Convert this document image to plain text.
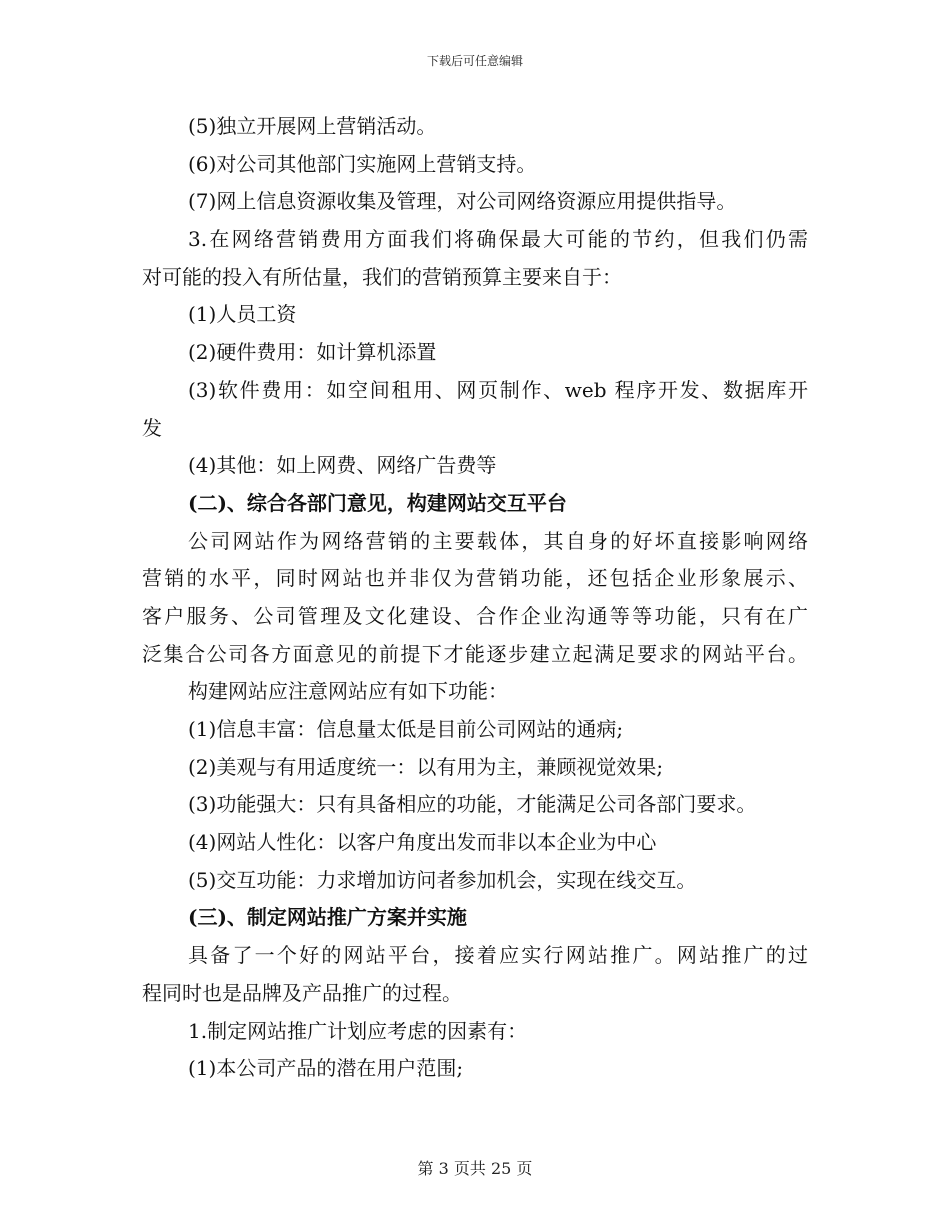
下载后可任意编辑
(5)独立开展网上营销活动。
(6)对公司其他部门实施网上营销支持。
(7)网上信息资源收集及管理，对公司网络资源应用提供指导。
3.在网络营销费用方面我们将确保最大可能的节约，但我们仍需
对可能的投入有所估量，我们的营销预算主要来自于：
(1)人员工资
(2)硬件费用：如计算机添置
(3)软件费用：如空间租用、网页制作、web 程序开发、数据库开
发
(4)其他：如上网费、网络广告费等
(二)、综合各部门意见，构建网站交互平台
公司网站作为网络营销的主要载体，其自身的好坏直接影响网络
营销的水平，同时网站也并非仅为营销功能，还包括企业形象展示、
客户服务、公司管理及文化建设、合作企业沟通等等功能，只有在广
泛集合公司各方面意见的前提下才能逐步建立起满足要求的网站平台。
构建网站应注意网站应有如下功能：
(1)信息丰富：信息量太低是目前公司网站的通病;
(2)美观与有用适度统一：以有用为主，兼顾视觉效果;
(3)功能强大：只有具备相应的功能，才能满足公司各部门要求。
(4)网站人性化：以客户角度出发而非以本企业为中心
(5)交互功能：力求增加访问者参加机会，实现在线交互。
(三)、制定网站推广方案并实施
具备了一个好的网站平台，接着应实行网站推广。网站推广的过
程同时也是品牌及产品推广的过程。
1.制定网站推广计划应考虑的因素有：
(1)本公司产品的潜在用户范围;
第 3 页共 25 页
